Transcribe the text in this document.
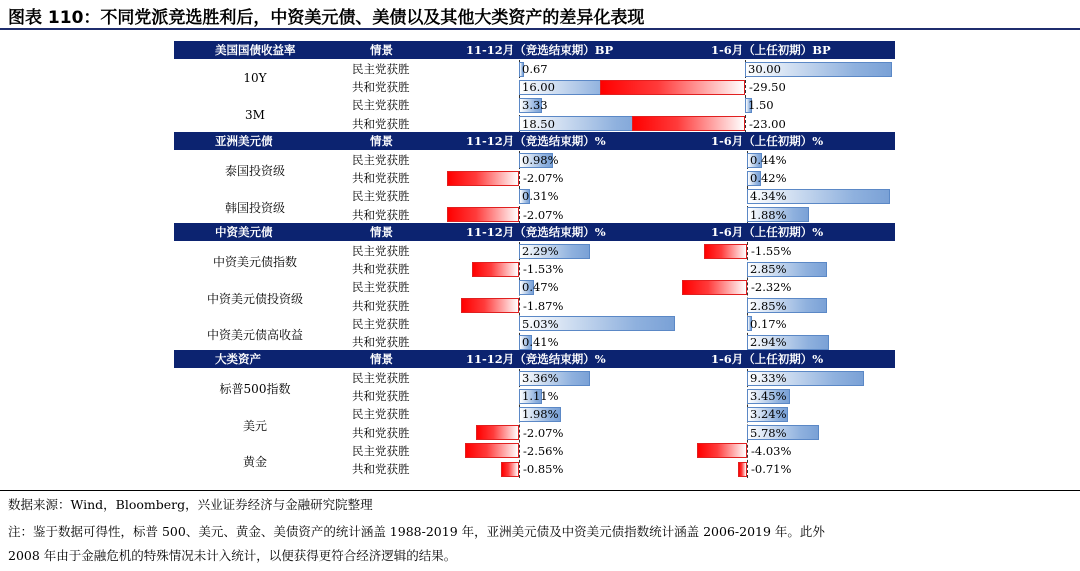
图表 110：不同党派竞选胜利后，中资美元债、美债以及其他大类资产的差异化表现
美国国债收益率	情景	11-12月（竞选结束期）BP	1-6月（上任初期）BP
10Y
民主党获胜	0.67	30.00
共和党获胜	16.00	-29.50
3M
民主党获胜	3.33	1.50
共和党获胜	18.50	-23.00
亚洲美元债	情景	11-12月（竞选结束期）%	1-6月（上任初期）%
泰国投资级
民主党获胜	0.98%	0.44%
共和党获胜	-2.07%	0.42%
韩国投资级
民主党获胜	0.31%	4.34%
共和党获胜	-2.07%	1.88%
中资美元债	情景	11-12月（竞选结束期）%	1-6月（上任初期）%
中资美元债指数
民主党获胜	2.29%	-1.55%
共和党获胜	-1.53%	2.85%
中资美元债投资级
民主党获胜	0.47%	-2.32%
共和党获胜	-1.87%	2.85%
中资美元债高收益
民主党获胜	5.03%	0.17%
共和党获胜	0.41%	2.94%
大类资产	情景	11-12月（竞选结束期）%	1-6月（上任初期）%
标普500指数
民主党获胜	3.36%	9.33%
共和党获胜	1.11%	3.45%
美元
民主党获胜	1.98%	3.24%
共和党获胜	-2.07%	5.78%
黄金
民主党获胜	-2.56%	-4.03%
共和党获胜	-0.85%	-0.71%
数据来源：Wind，Bloomberg，兴业证券经济与金融研究院整理
注：鉴于数据可得性，标普 500、美元、黄金、美债资产的统计涵盖 1988-2019 年，亚洲美元债及中资美元债指数统计涵盖 2006-2019 年。此外
2008 年由于金融危机的特殊情况未计入统计，以便获得更符合经济逻辑的结果。
